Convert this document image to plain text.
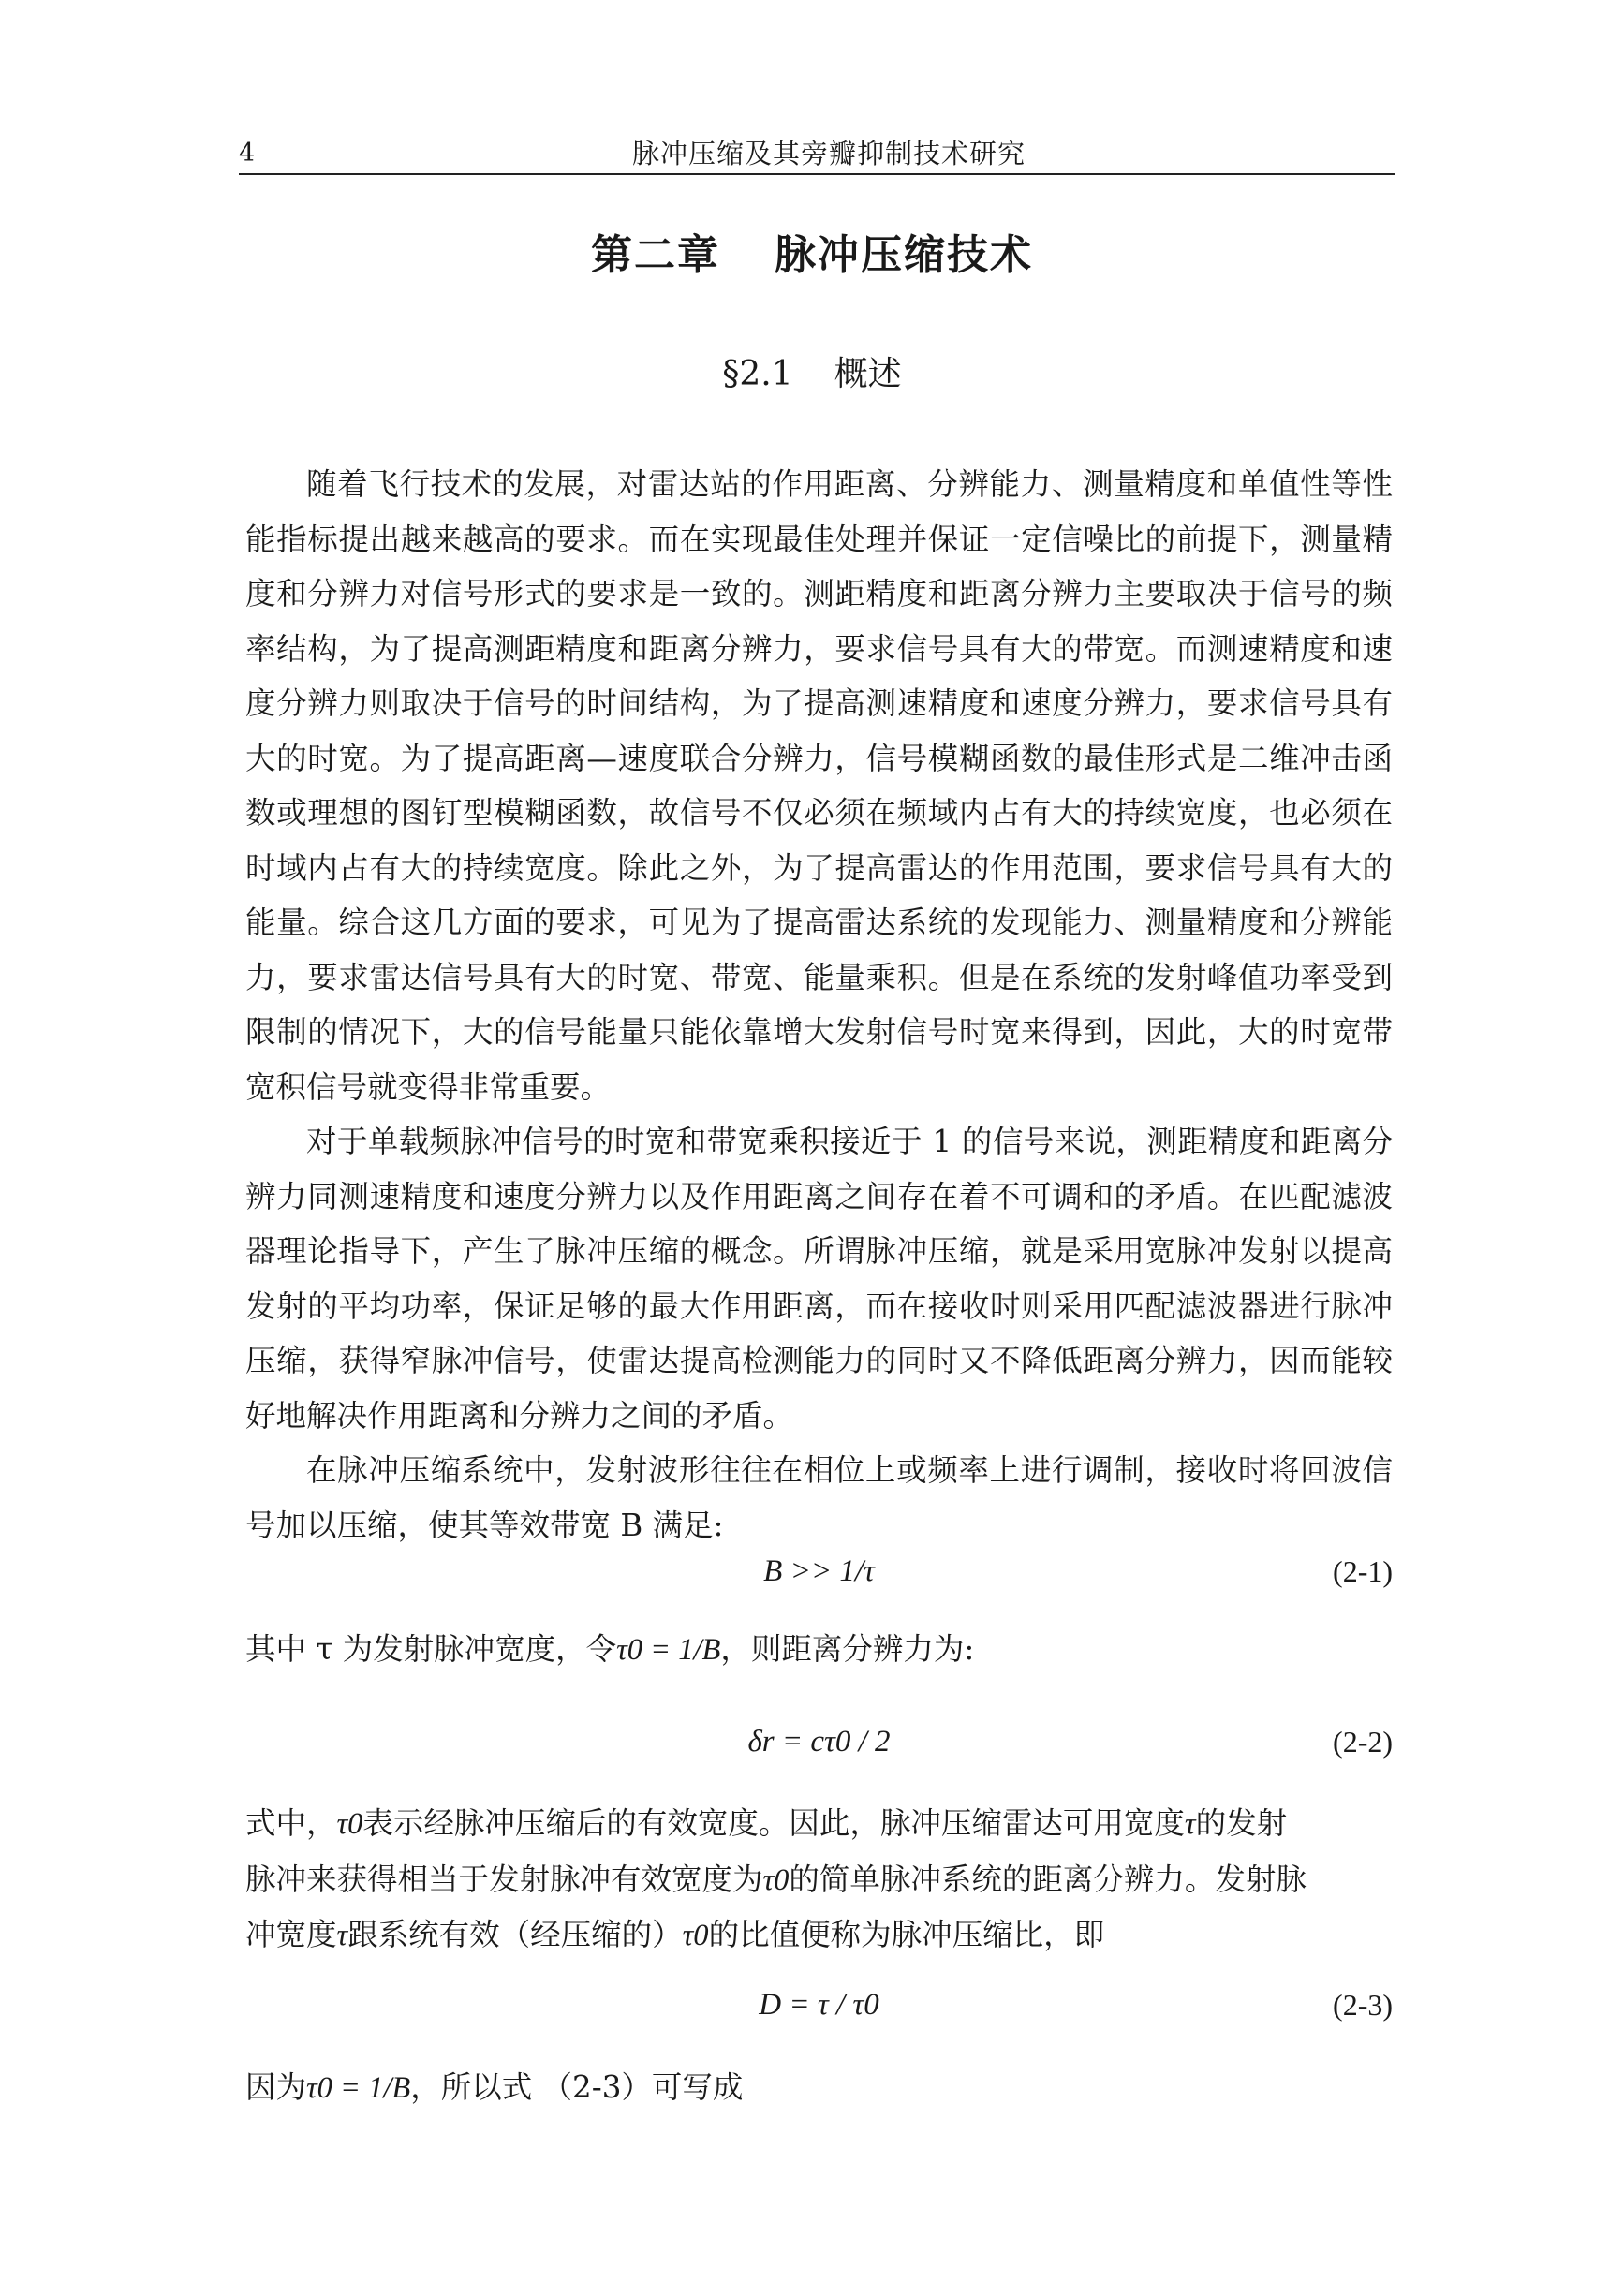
4	脉冲压缩及其旁瓣抑制技术研究
第二章 脉冲压缩技术
§2.1 概述

随着飞行技术的发展，对雷达站的作用距离、分辨能力、测量精度和单值性等性能指标提出越来越高的要求。而在实现最佳处理并保证一定信噪比的前提下，测量精度和分辨力对信号形式的要求是一致的。测距精度和距离分辨力主要取决于信号的频率结构，为了提高测距精度和距离分辨力，要求信号具有大的带宽。而测速精度和速度分辨力则取决于信号的时间结构，为了提高测速精度和速度分辨力，要求信号具有大的时宽。为了提高距离—速度联合分辨力，信号模糊函数的最佳形式是二维冲击函数或理想的图钉型模糊函数，故信号不仅必须在频域内占有大的持续宽度，也必须在时域内占有大的持续宽度。除此之外，为了提高雷达的作用范围，要求信号具有大的能量。综合这几方面的要求，可见为了提高雷达系统的发现能力、测量精度和分辨能力，要求雷达信号具有大的时宽、带宽、能量乘积。但是在系统的发射峰值功率受到限制的情况下，大的信号能量只能依靠增大发射信号时宽来得到，因此，大的时宽带宽积信号就变得非常重要。

对于单载频脉冲信号的时宽和带宽乘积接近于 1 的信号来说，测距精度和距离分辨力同测速精度和速度分辨力以及作用距离之间存在着不可调和的矛盾。在匹配滤波器理论指导下，产生了脉冲压缩的概念。所谓脉冲压缩，就是采用宽脉冲发射以提高发射的平均功率，保证足够的最大作用距离，而在接收时则采用匹配滤波器进行脉冲压缩，获得窄脉冲信号，使雷达提高检测能力的同时又不降低距离分辨力，因而能较好地解决作用距离和分辨力之间的矛盾。

在脉冲压缩系统中，发射波形往往在相位上或频率上进行调制，接收时将回波信号加以压缩，使其等效带宽 B 满足:

B >> 1/τ	(2-1)
其中 τ 为发射脉冲宽度，令τ0 = 1/B，则距离分辨力为:
δr = cτ0 / 2	(2-2)
式中，τ0表示经脉冲压缩后的有效宽度。因此，脉冲压缩雷达可用宽度τ的发射
脉冲来获得相当于发射脉冲有效宽度为τ0的简单脉冲系统的距离分辨力。发射脉
冲宽度τ跟系统有效（经压缩的）τ0的比值便称为脉冲压缩比，即
D = τ / τ0	(2-3)
因为τ0 = 1/B，所以式 （2-3）可写成
